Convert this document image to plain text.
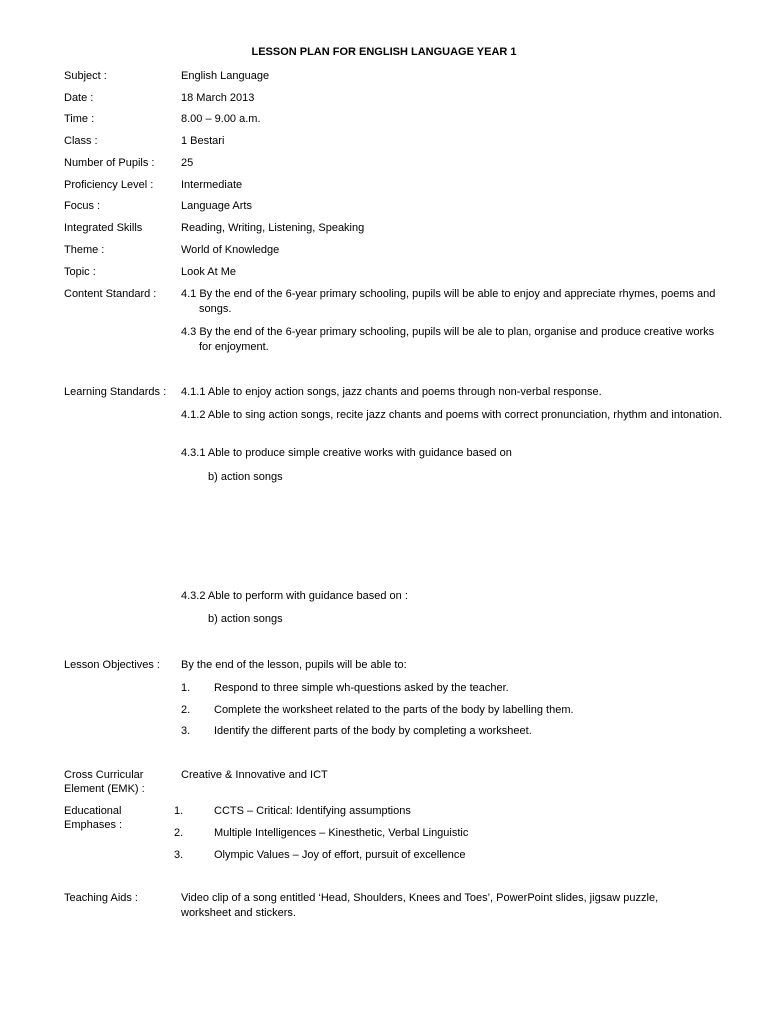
LESSON PLAN FOR ENGLISH LANGUAGE YEAR 1
Subject :	English Language
Date :	18 March 2013
Time :	8.00 – 9.00 a.m.
Class :	1 Bestari
Number of Pupils :	25
Proficiency Level :	Intermediate
Focus :	Language Arts
Integrated Skills	Reading, Writing, Listening, Speaking
Theme :	World of Knowledge
Topic :	Look At Me
Content Standard :	4.1 By the end of the 6-year primary schooling, pupils will be able to enjoy and appreciate rhymes, poems and songs.
4.3 By the end of the 6-year primary schooling, pupils will be ale to plan, organise and produce creative works for enjoyment.
Learning Standards :	4.1.1 Able to enjoy action songs, jazz chants and poems through non-verbal response.
4.1.2 Able to sing action songs, recite jazz chants and poems with correct pronunciation, rhythm and intonation.
4.3.1 Able to produce simple creative works with guidance based on
b) action songs
4.3.2 Able to perform with guidance based on :
b) action songs
Lesson Objectives :	By the end of the lesson, pupils will be able to:
1.	Respond to three simple wh-questions asked by the teacher.
2.	Complete the worksheet related to the parts of the body by labelling them.
3.	Identify the different parts of the body by completing a worksheet.
Cross Curricular
Element (EMK) :
Creative & Innovative and ICT
Educational
Emphases :
1.	CCTS – Critical: Identifying assumptions
2.	Multiple Intelligences – Kinesthetic, Verbal Linguistic
3.	Olympic Values – Joy of effort, pursuit of excellence
Teaching Aids :	Video clip of a song entitled ‘Head, Shoulders, Knees and Toes’, PowerPoint slides, jigsaw puzzle, worksheet and stickers.
